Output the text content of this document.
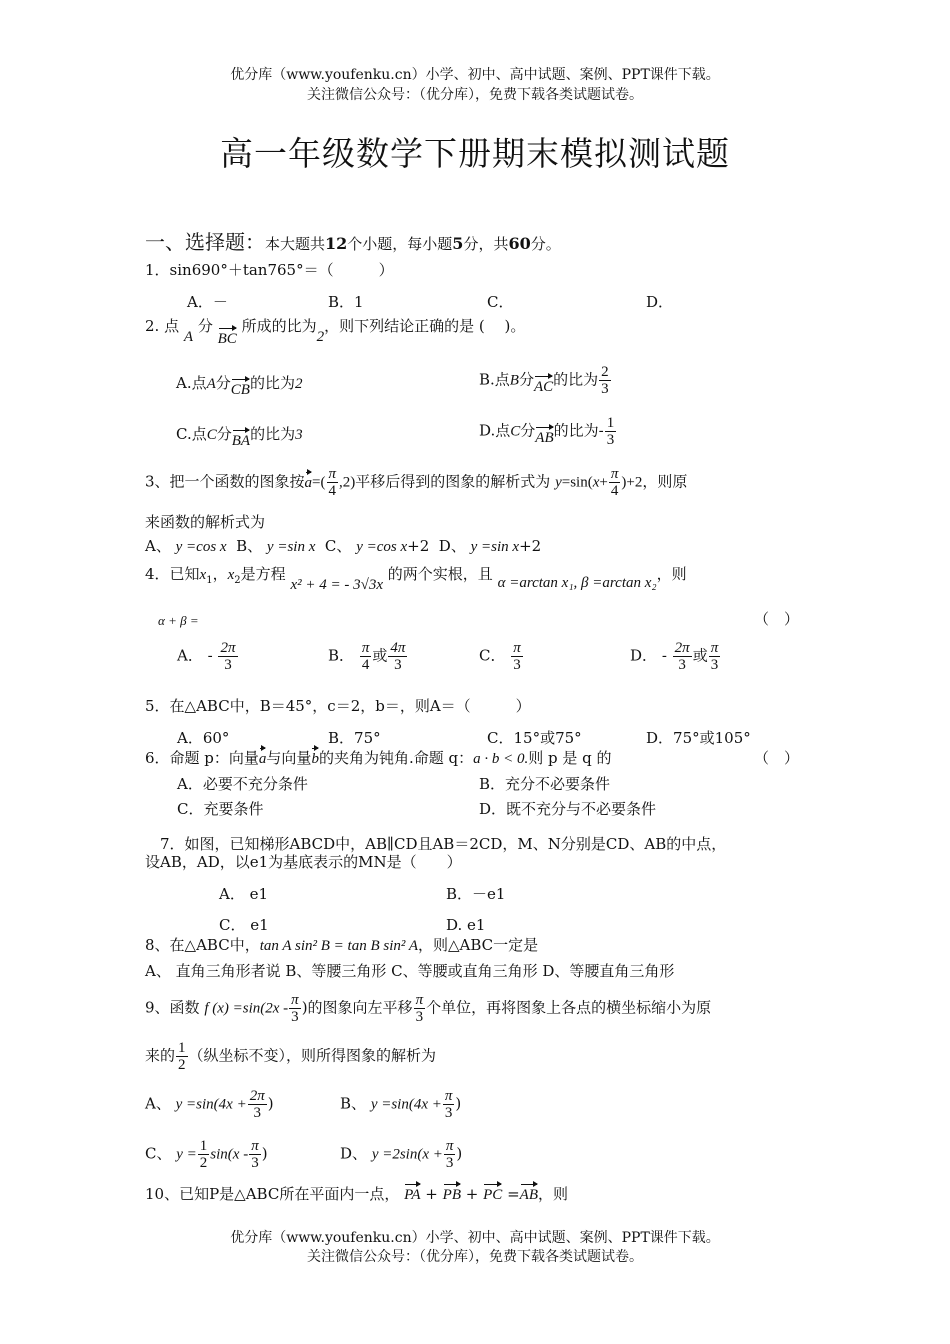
优分库（www.youfenku.cn）小学、初中、高中试题、案例、PPT课件下载。
关注微信公众号：（优分库），免费下载各类试题试卷。
高一年级数学下册期末模拟测试题
一、选择题：本大题共12个小题，每小题5分，共60分。
1．sin690°＋tan765°＝（　　　）
A．－	B．1	C．	D．
2. 点 A 分 BC 所成的比为2，则下列结论正确的是 (　 )。
A.点A分CB的比为2	B.点B分AC的比为 $\frac{2}{3}$
C.点C分BA的比为3	D.点C分AB的比为- $\frac{1}{3}$
3、把一个函数的图象按$a=( \frac{\pi}{4} ,2)$平移后得到的图象的解析式为 $y=\sin(x+ \frac{\pi}{4} )+2$，则原
来函数的解析式为
A、 y =cos x B、 y =sin x C、 y =cos x+2 D、 y =sin x+2
4．已知$x_1$，$x_2$是方程 x² + 4 = - 3√3x 的两个实根，且 α =arctan x₁, β =arctan x₂，则
α + β =	（　）
A． - $\frac{2\pi}{3}$	B． $\frac{\pi}{4}$ 或 $\frac{4\pi}{3}$	C． $\frac{\pi}{3}$	D． - $\frac{2\pi}{3}$ 或 $\frac{\pi}{3}$
5．在△ABC中，B＝45°，c＝2，b＝，则A＝（　　　）
A．60°	B．75°	C．15°或75°	D．75°或105°
6．命题 p：向量a与向量b的夹角为钝角.命题 q：a · b < 0.则 p 是 q 的	（　）
A．必要不充分条件	B．充分不必要条件
C．充要条件	D．既不充分与不必要条件
7．如图，已知梯形ABCD中，AB∥CD且AB＝2CD，M、N分别是CD、AB的中点，
设AB，AD，以e1为基底表示的MN是（　　）
A． e1	B．－e1
C． e1	D. e1
8、在△ABC中，tan A sin² B = tan B sin² A，则△ABC一定是
A、 直角三角形者说 B、等腰三角形 C、等腰或直角三角形 D、等腰直角三角形
9、函数 f $(x) =\sin(2x - \frac{\pi}{3}$ )的图象向左平移 $\frac{\pi}{3}$ 个单位，再将图象上各点的横坐标缩小为原
来的 $\frac{1}{2}$ （纵坐标不变），则所得图象的解析为
A、 $y =\sin(4x + \frac{2\pi}{3}$ )	B、 $y =\sin(4x + \frac{\pi}{3}$ )
C、 $y = \frac{1}{2} \sin(x - \frac{\pi}{3}$ )	D、 $y =2\sin(x + \frac{\pi}{3}$ )
10、已知P是△ABC所在平面内一点， PA + PB + PC =AB，则
优分库（www.youfenku.cn）小学、初中、高中试题、案例、PPT课件下载。
关注微信公众号：（优分库），免费下载各类试题试卷。
